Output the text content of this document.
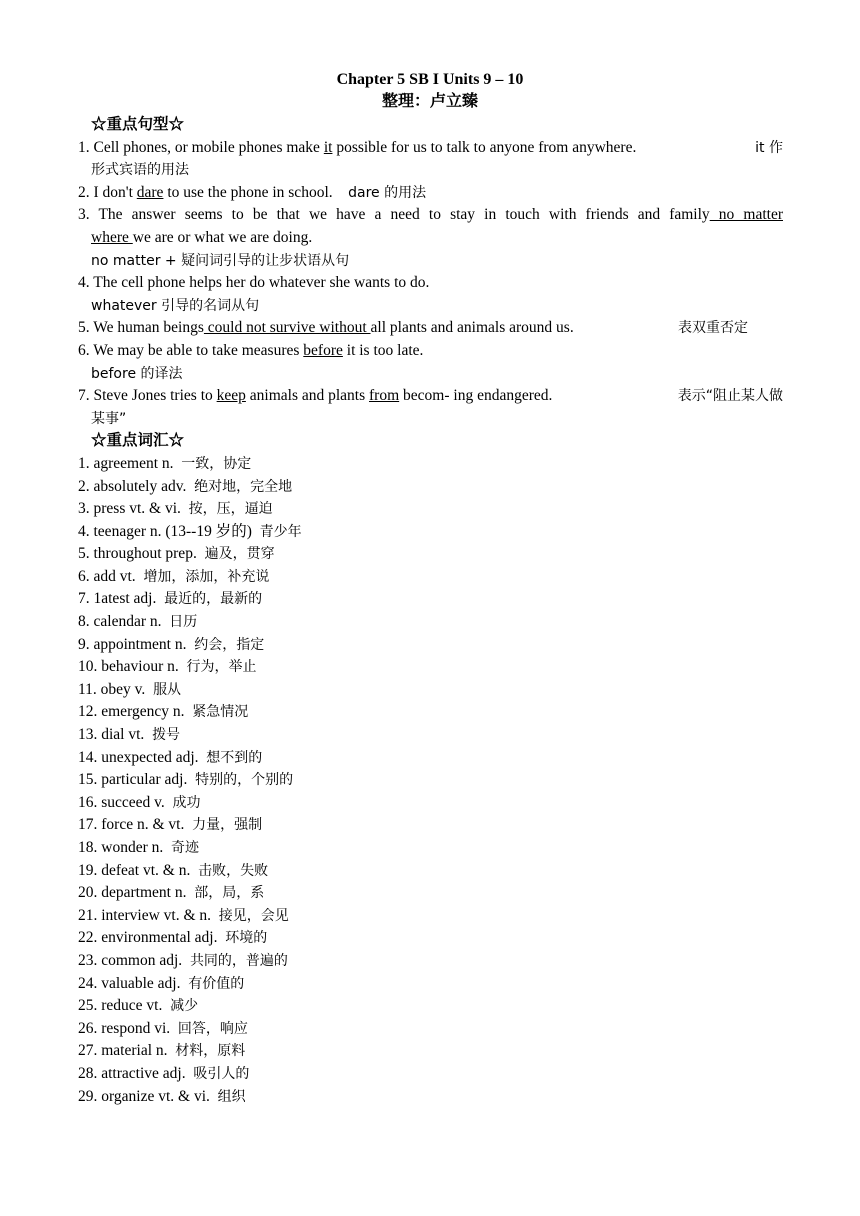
Chapter 5 SB I Units 9 – 10
整理：卢立臻
☆重点句型☆
1. Cell phones, or mobile phones make it possible for us to talk to anyone from anywhere.	it 作
形式宾语的用法
2. I don't dare to use the phone in school. dare 的用法
3. The answer seems to be that we have a need to stay in touch with friends and family no matter
where we are or what we are doing.
no matter + 疑问词引导的让步状语从句
4. The cell phone helps her do whatever she wants to do.
whatever 引导的名词从句
5. We human beings could not survive without all plants and animals around us.	表双重否定
6. We may be able to take measures before it is too late.
before 的译法
7. Steve Jones tries to keep animals and plants from becom- ing endangered.	表示“阻止某人做
某事”
☆重点词汇☆
1. agreement n. 一致，协定
2. absolutely adv. 绝对地，完全地
3. press vt. & vi. 按，压，逼迫
4. teenager n. (13--19 岁的) 青少年
5. throughout prep. 遍及，贯穿
6. add vt. 增加，添加，补充说
7. 1atest adj. 最近的，最新的
8. calendar n. 日历
9. appointment n. 约会，指定
10. behaviour n. 行为，举止
11. obey v. 服从
12. emergency n. 紧急情况
13. dial vt. 拨号
14. unexpected adj. 想不到的
15. particular adj. 特别的，个别的
16. succeed v. 成功
17. force n. & vt. 力量，强制
18. wonder n. 奇迹
19. defeat vt. & n. 击败，失败
20. department n. 部，局，系
21. interview vt. & n. 接见，会见
22. environmental adj. 环境的
23. common adj. 共同的，普遍的
24. valuable adj. 有价值的
25. reduce vt. 减少
26. respond vi. 回答，响应
27. material n. 材料，原料
28. attractive adj. 吸引人的
29. organize vt. & vi. 组织
